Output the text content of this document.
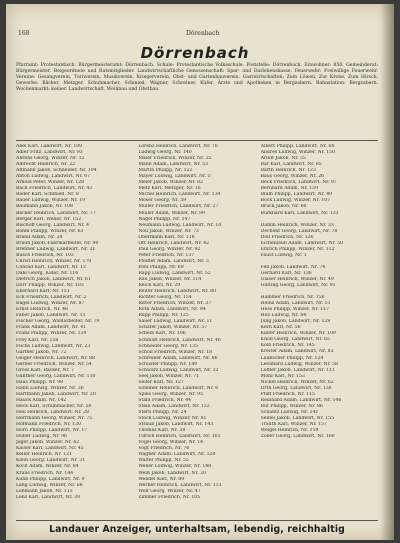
168	Dörenbach
Dörrenbach
Pfarramt: Protestantisch. Bürgermeisteramt: Dörrenbach. Schule: Protestantische Volksschule. Poststelle: Dörrenbach. Einwohner: 850. Gemeinderat: Bürgermeister, Beigeordnete und Ratsmitglieder. Landwirtschaftliche Genossenschaft: Spar- und Darlehenskasse. Feuerwehr: Freiwillige Feuerwehr. Vereine: Gesangverein, Turnverein, Musikverein, Kriegerverein, Obst- und Gartenbauverein. Gastwirtschaften: Zum Löwen, Zur Krone, Zum Hirsch. Gewerbe: Bäcker, Metzger, Schuhmacher, Schmied, Wagner, Schreiner, Küfer. Ärzte und Apotheken in Bergzabern. Bahnstation: Bergzabern. Wochenmarkt: keiner. Landwirtschaft, Weinbau und Obstbau.
Abel Karl, Landwirt, Nr. 100
Adler Fritz, Landwirt, Nr. 93
Ahrens Georg, Winzer, Nr. 12
Albrecht Heinrich, Nr. 22
Altmann Jakob, Schneider, Nr. 104
Anton Ludwig, Landwirt, Nr. 67
Arnold Peter, Winzer, Nr. 128
Bach Friedrich, Landwirt, Nr. 43
Bader Karl, Schmied, Nr. 8
Bauer Ludwig, Winzer, Nr. 19
Baumann Jakob, Nr. 108
Becker Heinrich, Landwirt, Nr. 77
Berger Karl, Weber, Nr. 152
Bischoff Georg, Landwirt, Nr. 4
Böhm Philipp, Winzer, Nr. 63
Brand Adam, Nr. 34
Braun Jakob, Fabrikarbeiter, Nr. 90
Brenner Ludwig, Landwirt, Nr. 21
Busch Friedrich, Nr. 103
Christ Heinrich, Winzer, Nr. 170
Conrad Karl, Landwirt, Nr. 13
Dahl Georg, Küfer, Nr. 116
Dietrich Jakob, Landwirt, Nr. 61
Dörr Philipp, Winzer, Nr. 102
Eberhard Karl, Nr. 151
Eck Friedrich, Landwirt, Nr. 2
Engel Ludwig, Winzer, Nr. 87
Ernst Heinrich, Nr. 48
Faber Jakob, Landwirt, Nr. 15
Fischer Georg, Waldarbeiter, Nr. 79
Frank Adam, Landwirt, Nr. 41
Franz Philipp, Winzer, Nr. 119
Frey Karl, Nr. 158
Fuchs Ludwig, Landwirt, Nr. 23
Gärtner Jakob, Nr. 72
Geiger Heinrich, Landwirt, Nr. 88
Gerber Friedrich, Winzer, Nr. 54
Gross Karl, Bäcker, Nr. 7
Günther Georg, Landwirt, Nr. 110
Haas Philipp, Nr. 98
Hahn Ludwig, Winzer, Nr. 36
Hartmann Jakob, Landwirt, Nr. 20
Hauck Adam, Nr. 142
Heck Karl, Schuhmacher, Nr. 58
Heil Heinrich, Landwirt, Nr. 28
Herrmann Georg, Winzer, Nr. 75
Hofmann Friedrich, Nr. 130
Horn Philipp, Landwirt, Nr. 17
Huber Ludwig, Nr. 96
Jäger Jakob, Winzer, Nr. 62
Kaiser Karl, Landwirt, Nr. 45
Keller Heinrich, Nr. 121
Klein Georg, Landwirt, Nr. 31
Koch Adam, Winzer, Nr. 84
Kraus Friedrich, Nr. 144
Kuhn Philipp, Landwirt, Nr. 9
Lang Ludwig, Winzer, Nr. 66
Lehmann Jakob, Nr. 113
Lenz Karl, Landwirt, Nr. 39
Lorenz Heinrich, Landwirt, Nr. 70
Ludwig Georg, Nr. 140
Maier Friedrich, Winzer, Nr. 25
Mann Adam, Landwirt, Nr. 53
Martin Philipp, Nr. 122
Mayer Ludwig, Landwirt, Nr. 5
Meier Jakob, Winzer, Nr. 82
Metz Karl, Metzger, Nr. 16
Michel Heinrich, Landwirt, Nr. 134
Moser Georg, Nr. 59
Müller Friedrich, Landwirt, Nr. 27
Müller Adam, Winzer, Nr. 99
Nagel Philipp, Nr. 147
Neumann Ludwig, Landwirt, Nr. 10
Noll Jakob, Winzer, Nr. 73
Obermann Karl, Nr. 118
Ott Heinrich, Landwirt, Nr. 42
Paul Georg, Winzer, Nr. 92
Peter Friedrich, Nr. 137
Pfeiffer Adam, Landwirt, Nr. 3
Pohl Philipp, Nr. 69
Rapp Ludwig, Landwirt, Nr. 52
Rau Jakob, Winzer, Nr. 114
Reich Karl, Nr. 29
Reiter Heinrich, Landwirt, Nr. 80
Richter Georg, Nr. 154
Ritter Friedrich, Winzer, Nr. 37
Roth Adam, Landwirt, Nr. 94
Rupp Philipp, Nr. 125
Sauer Ludwig, Landwirt, Nr. 11
Schäfer Jakob, Winzer, Nr. 57
Scheib Karl, Nr. 106
Schmidt Heinrich, Landwirt, Nr. 46
Schneider Georg, Nr. 135
Scholl Friedrich, Winzer, Nr. 18
Schreiber Adam, Landwirt, Nr. 86
Schuster Philipp, Nr. 149
Schwarz Ludwig, Landwirt, Nr. 32
Seel Jakob, Winzer, Nr. 71
Seiler Karl, Nr. 127
Sommer Heinrich, Landwirt, Nr. 6
Spies Georg, Winzer, Nr. 95
Stahl Friedrich, Nr. 44
Stein Adam, Landwirt, Nr. 132
Stern Philipp, Nr. 24
Stock Ludwig, Winzer, Nr. 81
Strauß Jakob, Landwirt, Nr. 143
Thomas Karl, Nr. 38
Ullrich Heinrich, Landwirt, Nr. 101
Vogel Georg, Winzer, Nr. 14
Vogt Friedrich, Nr. 76
Wagner Adam, Landwirt, Nr. 120
Walter Philipp, Nr. 55
Weber Ludwig, Winzer, Nr. 148
Weiß Jakob, Landwirt, Nr. 30
Wendel Karl, Nr. 89
Werner Heinrich, Landwirt, Nr. 131
Wolf Georg, Winzer, Nr. 47
Zimmer Friedrich, Nr. 105
Albert Philipp, Landwirt, Nr. 68
Andres Ludwig, Winzer, Nr. 150
Arndt Jakob, Nr. 35
Bär Karl, Landwirt, Nr. 85
Barth Heinrich, Nr. 123
Baus Georg, Winzer, Nr. 26
Beck Friedrich, Landwirt, Nr. 97
Bernhard Adam, Nr. 139
Blum Philipp, Landwirt, Nr. 40
Bock Ludwig, Winzer, Nr. 107
Brück Jakob, Nr. 60
Burkhard Karl, Landwirt, Nr. 133
Damm Heinrich, Winzer, Nr. 33
Dechent Georg, Landwirt, Nr. 78
Doll Friedrich, Nr. 126
Eichenlaub Adam, Landwirt, Nr. 50
Emrich Philipp, Winzer, Nr. 112
Faust Ludwig, Nr. 1
Feil Jakob, Landwirt, Nr. 74
Gerhard Karl, Nr. 136
Glaser Heinrich, Winzer, Nr. 49
Gutting Georg, Landwirt, Nr. 91
Hammer Friedrich, Nr. 156
Heinz Adam, Landwirt, Nr. 51
Hess Philipp, Winzer, Nr. 117
Hilz Ludwig, Nr. 64
Jung Jakob, Landwirt, Nr. 129
Kern Karl, Nr. 56
Kiefer Heinrich, Winzer, Nr. 109
Knoll Georg, Landwirt, Nr. 65
Kolb Friedrich, Nr. 145
Kreiter Adam, Landwirt, Nr. 83
Laubscher Philipp, Nr. 124
Leonhard Ludwig, Winzer, Nr. 58
Löffler Jakob, Landwirt, Nr. 111
Mohr Karl, Nr. 153
Nickel Heinrich, Winzer, Nr. 62
Orth Georg, Landwirt, Nr. 138
Pfaff Friedrich, Nr. 115
Reinhard Adam, Landwirt, Nr. 146
Ruf Philipp, Winzer, Nr. 86
Schantz Ludwig, Nr. 141
Seibel Jakob, Landwirt, Nr. 155
Trauth Karl, Winzer, Nr. 157
Weigel Heinrich, Nr. 159
Zöller Georg, Landwirt, Nr. 160
Landauer Anzeiger, unterhaltsam, lebendig, reichhaltig
